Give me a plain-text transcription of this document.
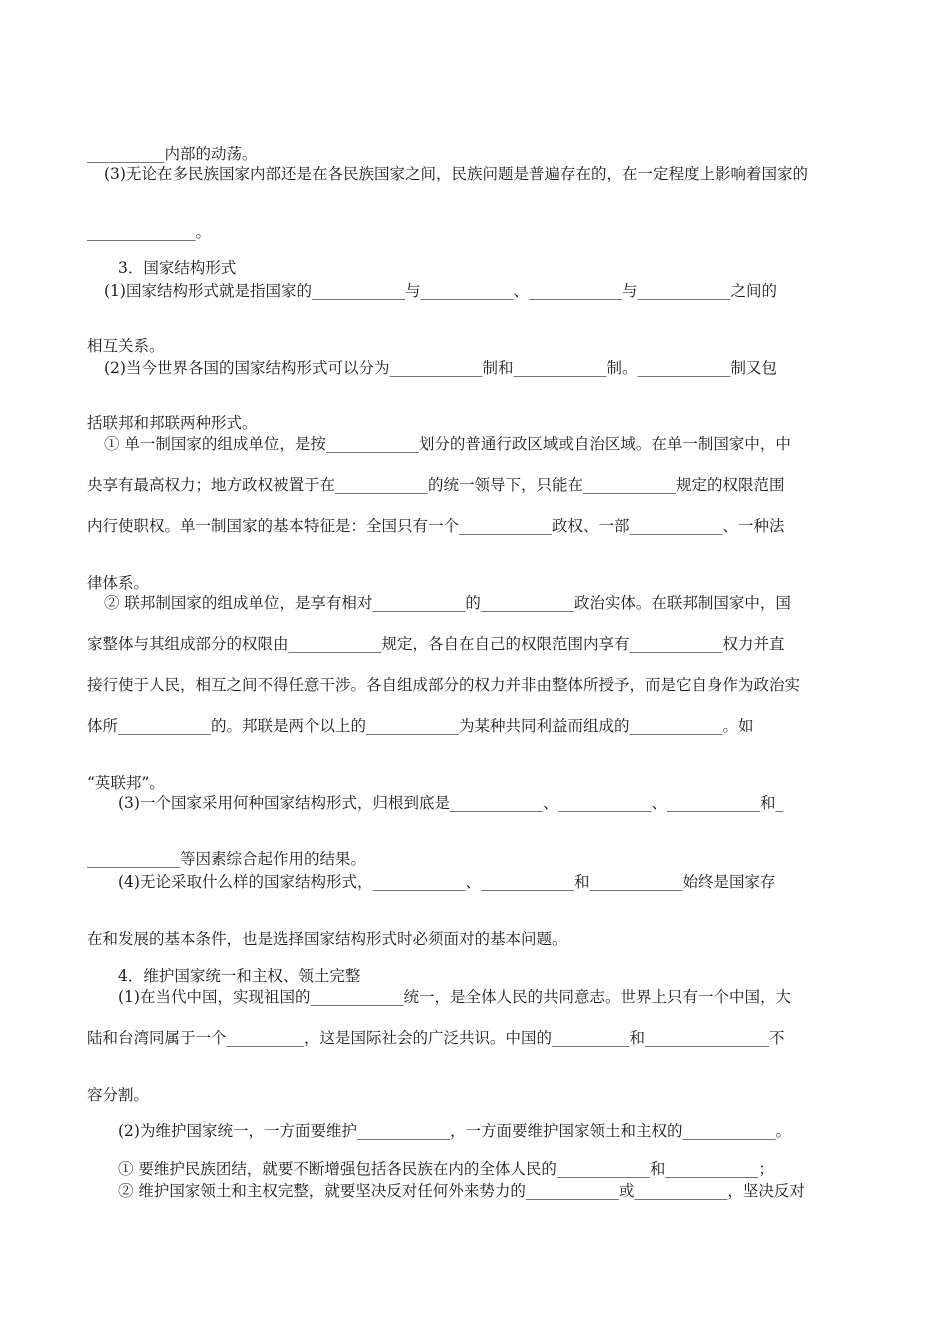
__________内部的动荡。

(3)无论在多民族国家内部还是在各民族国家之间，民族问题是普遍存在的，在一定程度上影响着国家的

______________。

3．国家结构形式

(1)国家结构形式就是指国家的____________与____________、____________与____________之间的

相互关系。

(2)当今世界各国的国家结构形式可以分为____________制和____________制。____________制又包

括联邦和邦联两种形式。

① 单一制国家的组成单位，是按____________划分的普通行政区域或自治区域。在单一制国家中，中
央享有最高权力；地方政权被置于在____________的统一领导下，只能在____________规定的权限范围
内行使职权。单一制国家的基本特征是：全国只有一个____________政权、一部____________、一种法

律体系。

② 联邦制国家的组成单位，是享有相对____________的____________政治实体。在联邦制国家中，国
家整体与其组成部分的权限由____________规定，各自在自己的权限范围内享有____________权力并直
接行使于人民，相互之间不得任意干涉。各自组成部分的权力并非由整体所授予，而是它自身作为政治实
体所____________的。邦联是两个以上的____________为某种共同利益而组成的____________。如

“英联邦”。

(3)一个国家采用何种国家结构形式，归根到底是____________、____________、____________和_

____________等因素综合起作用的结果。

(4)无论采取什么样的国家结构形式，____________、____________和____________始终是国家存

在和发展的基本条件，也是选择国家结构形式时必须面对的基本问题。

4．维护国家统一和主权、领土完整

(1)在当代中国，实现祖国的____________统一，是全体人民的共同意志。世界上只有一个中国，大
陆和台湾同属于一个__________，这是国际社会的广泛共识。中国的__________和________________不

容分割。

(2)为维护国家统一，一方面要维护____________，一方面要维护国家领土和主权的____________。

① 要维护民族团结，就要不断增强包括各民族在内的全体人民的____________和____________；

② 维护国家领土和主权完整，就要坚决反对任何外来势力的____________或____________，坚决反对
